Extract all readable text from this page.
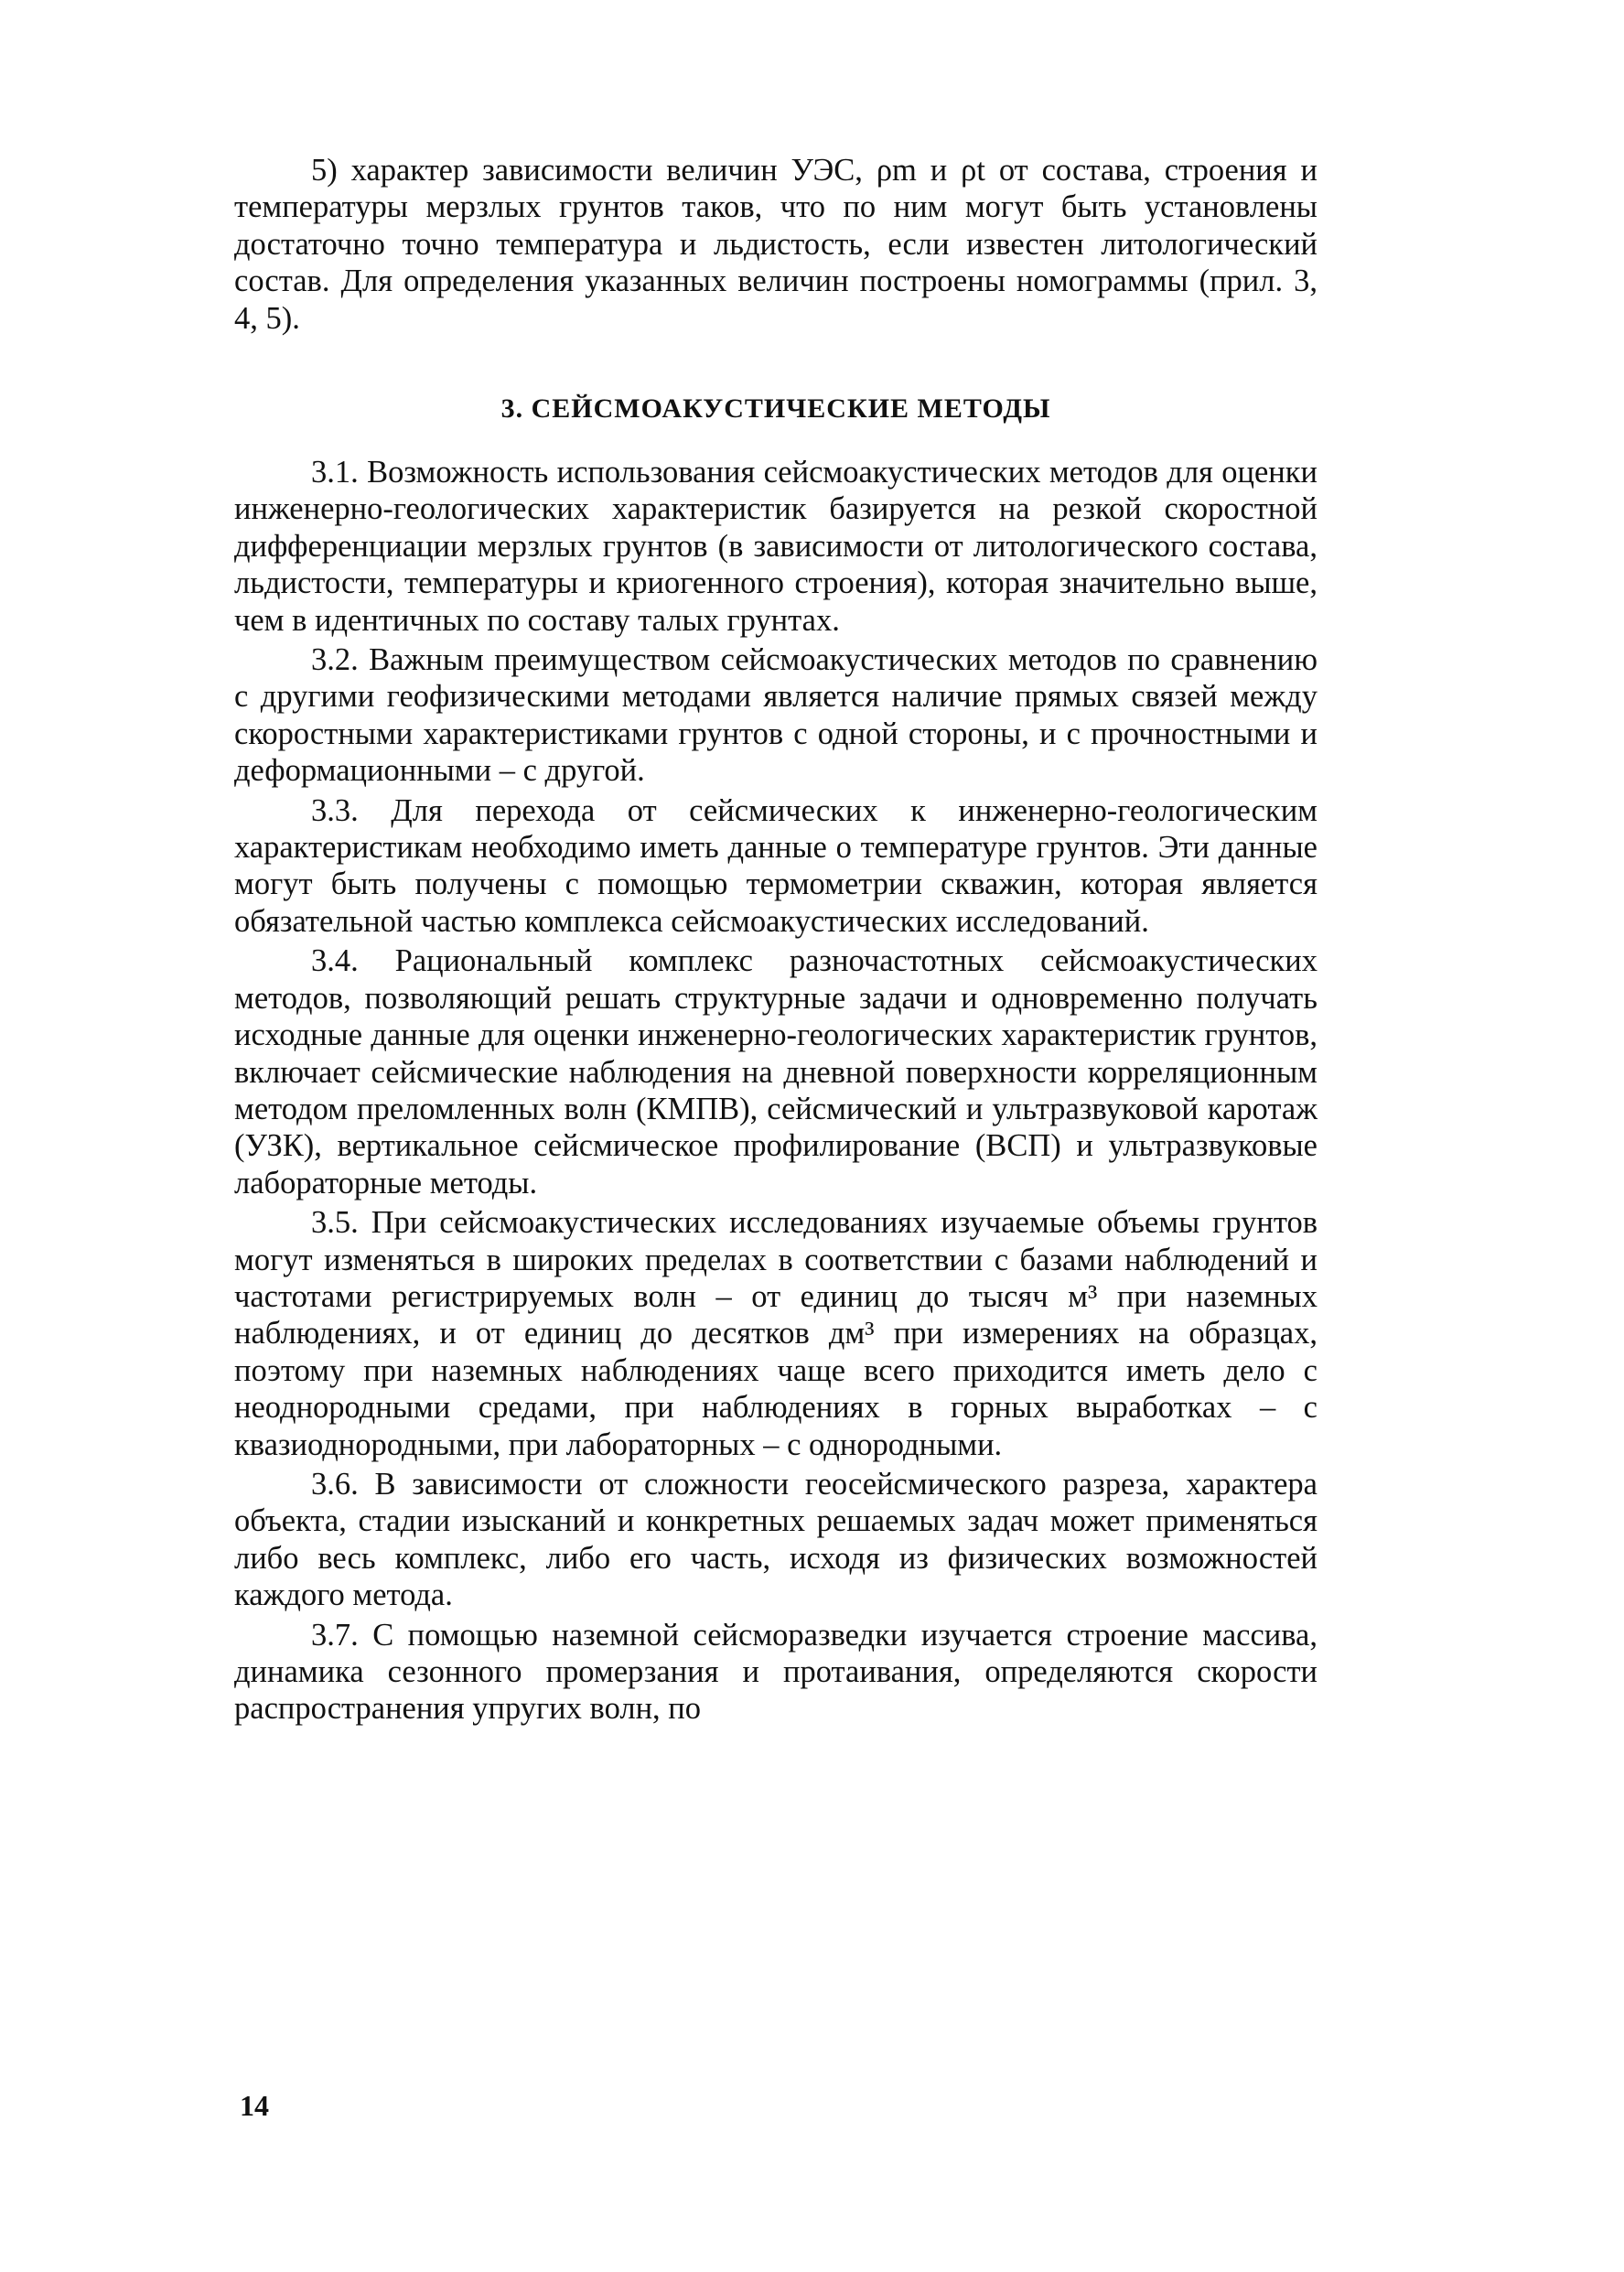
5) характер зависимости величин УЭС, ρm и ρt от состава, строения и температуры мерзлых грунтов таков, что по ним могут быть установлены достаточно точно температура и льдистость, если известен литологический состав. Для определения указанных величин построены номограммы (прил. 3, 4, 5).

3. СЕЙСМОАКУСТИЧЕСКИЕ МЕТОДЫ

3.1. Возможность использования сейсмоакустических методов для оценки инженерно-геологических характеристик базируется на резкой скоростной дифференциации мерзлых грунтов (в зависимости от литологического состава, льдистости, температуры и криогенного строения), которая значительно выше, чем в идентичных по составу талых грунтах.

3.2. Важным преимуществом сейсмоакустических методов по сравнению с другими геофизическими методами является наличие прямых связей между скоростными характеристиками грунтов с одной стороны, и с прочностными и деформационными – с другой.

3.3. Для перехода от сейсмических к инженерно-геологическим характеристикам необходимо иметь данные о температуре грунтов. Эти данные могут быть получены с помощью термометрии скважин, которая является обязательной частью комплекса сейсмоакустических исследований.

3.4. Рациональный комплекс разночастотных сейсмоакустических методов, позволяющий решать структурные задачи и одновременно получать исходные данные для оценки инженерно-геологических характеристик грунтов, включает сейсмические наблюдения на дневной поверхности корреляционным методом преломленных волн (КМПВ), сейсмический и ультразвуковой каротаж (УЗК), вертикальное сейсмическое профилирование (ВСП) и ультразвуковые лабораторные методы.

3.5. При сейсмоакустических исследованиях изучаемые объемы грунтов могут изменяться в широких пределах в соответствии с базами наблюдений и частотами регистрируемых волн – от единиц до тысяч м³ при наземных наблюдениях, и от единиц до десятков дм³ при измерениях на образцах, поэтому при наземных наблюдениях чаще всего приходится иметь дело с неоднородными средами, при наблюдениях в горных выработках – с квазиоднородными, при лабораторных – с однородными.

3.6. В зависимости от сложности геосейсмического разреза, характера объекта, стадии изысканий и конкретных решаемых задач может применяться либо весь комплекс, либо его часть, исходя из физических возможностей каждого метода.

3.7. С помощью наземной сейсморазведки изучается строение массива, динамика сезонного промерзания и протаивания, определяются скорости распространения упругих волн, по

14
